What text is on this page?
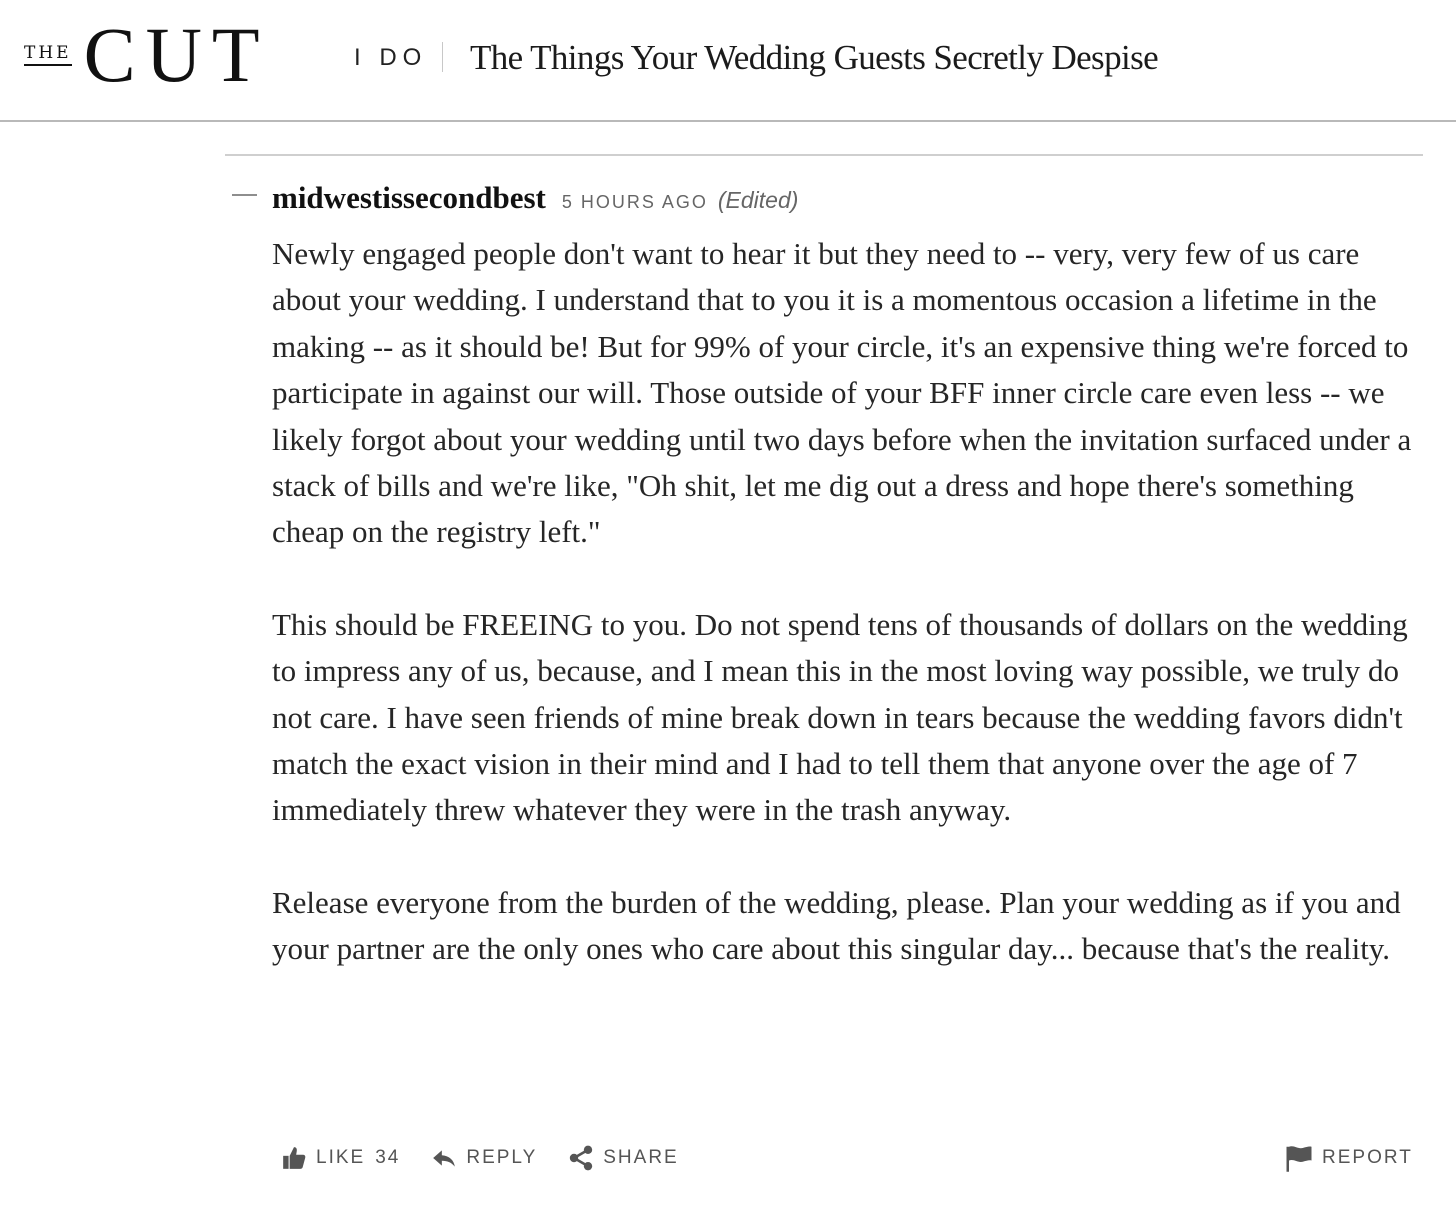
THE CUT	I DO The Things Your Wedding Guests Secretly Despise
midwestissecondbest 5 HOURS AGO (Edited)

Newly engaged people don't want to hear it but they need to -- very, very few of us care about your wedding. I understand that to you it is a momentous occasion a lifetime in the making -- as it should be! But for 99% of your circle, it's an expensive thing we're forced to participate in against our will. Those outside of your BFF inner circle care even less -- we likely forgot about your wedding until two days before when the invitation surfaced under a stack of bills and we're like, "Oh shit, let me dig out a dress and hope there's something cheap on the registry left."

This should be FREEING to you. Do not spend tens of thousands of dollars on the wedding to impress any of us, because, and I mean this in the most loving way possible, we truly do not care. I have seen friends of mine break down in tears because the wedding favors didn't match the exact vision in their mind and I had to tell them that anyone over the age of 7 immediately threw whatever they were in the trash anyway.

Release everyone from the burden of the wedding, please. Plan your wedding as if you and your partner are the only ones who care about this singular day... because that's the reality.

LIKE 34	REPLY	SHARE	REPORT
